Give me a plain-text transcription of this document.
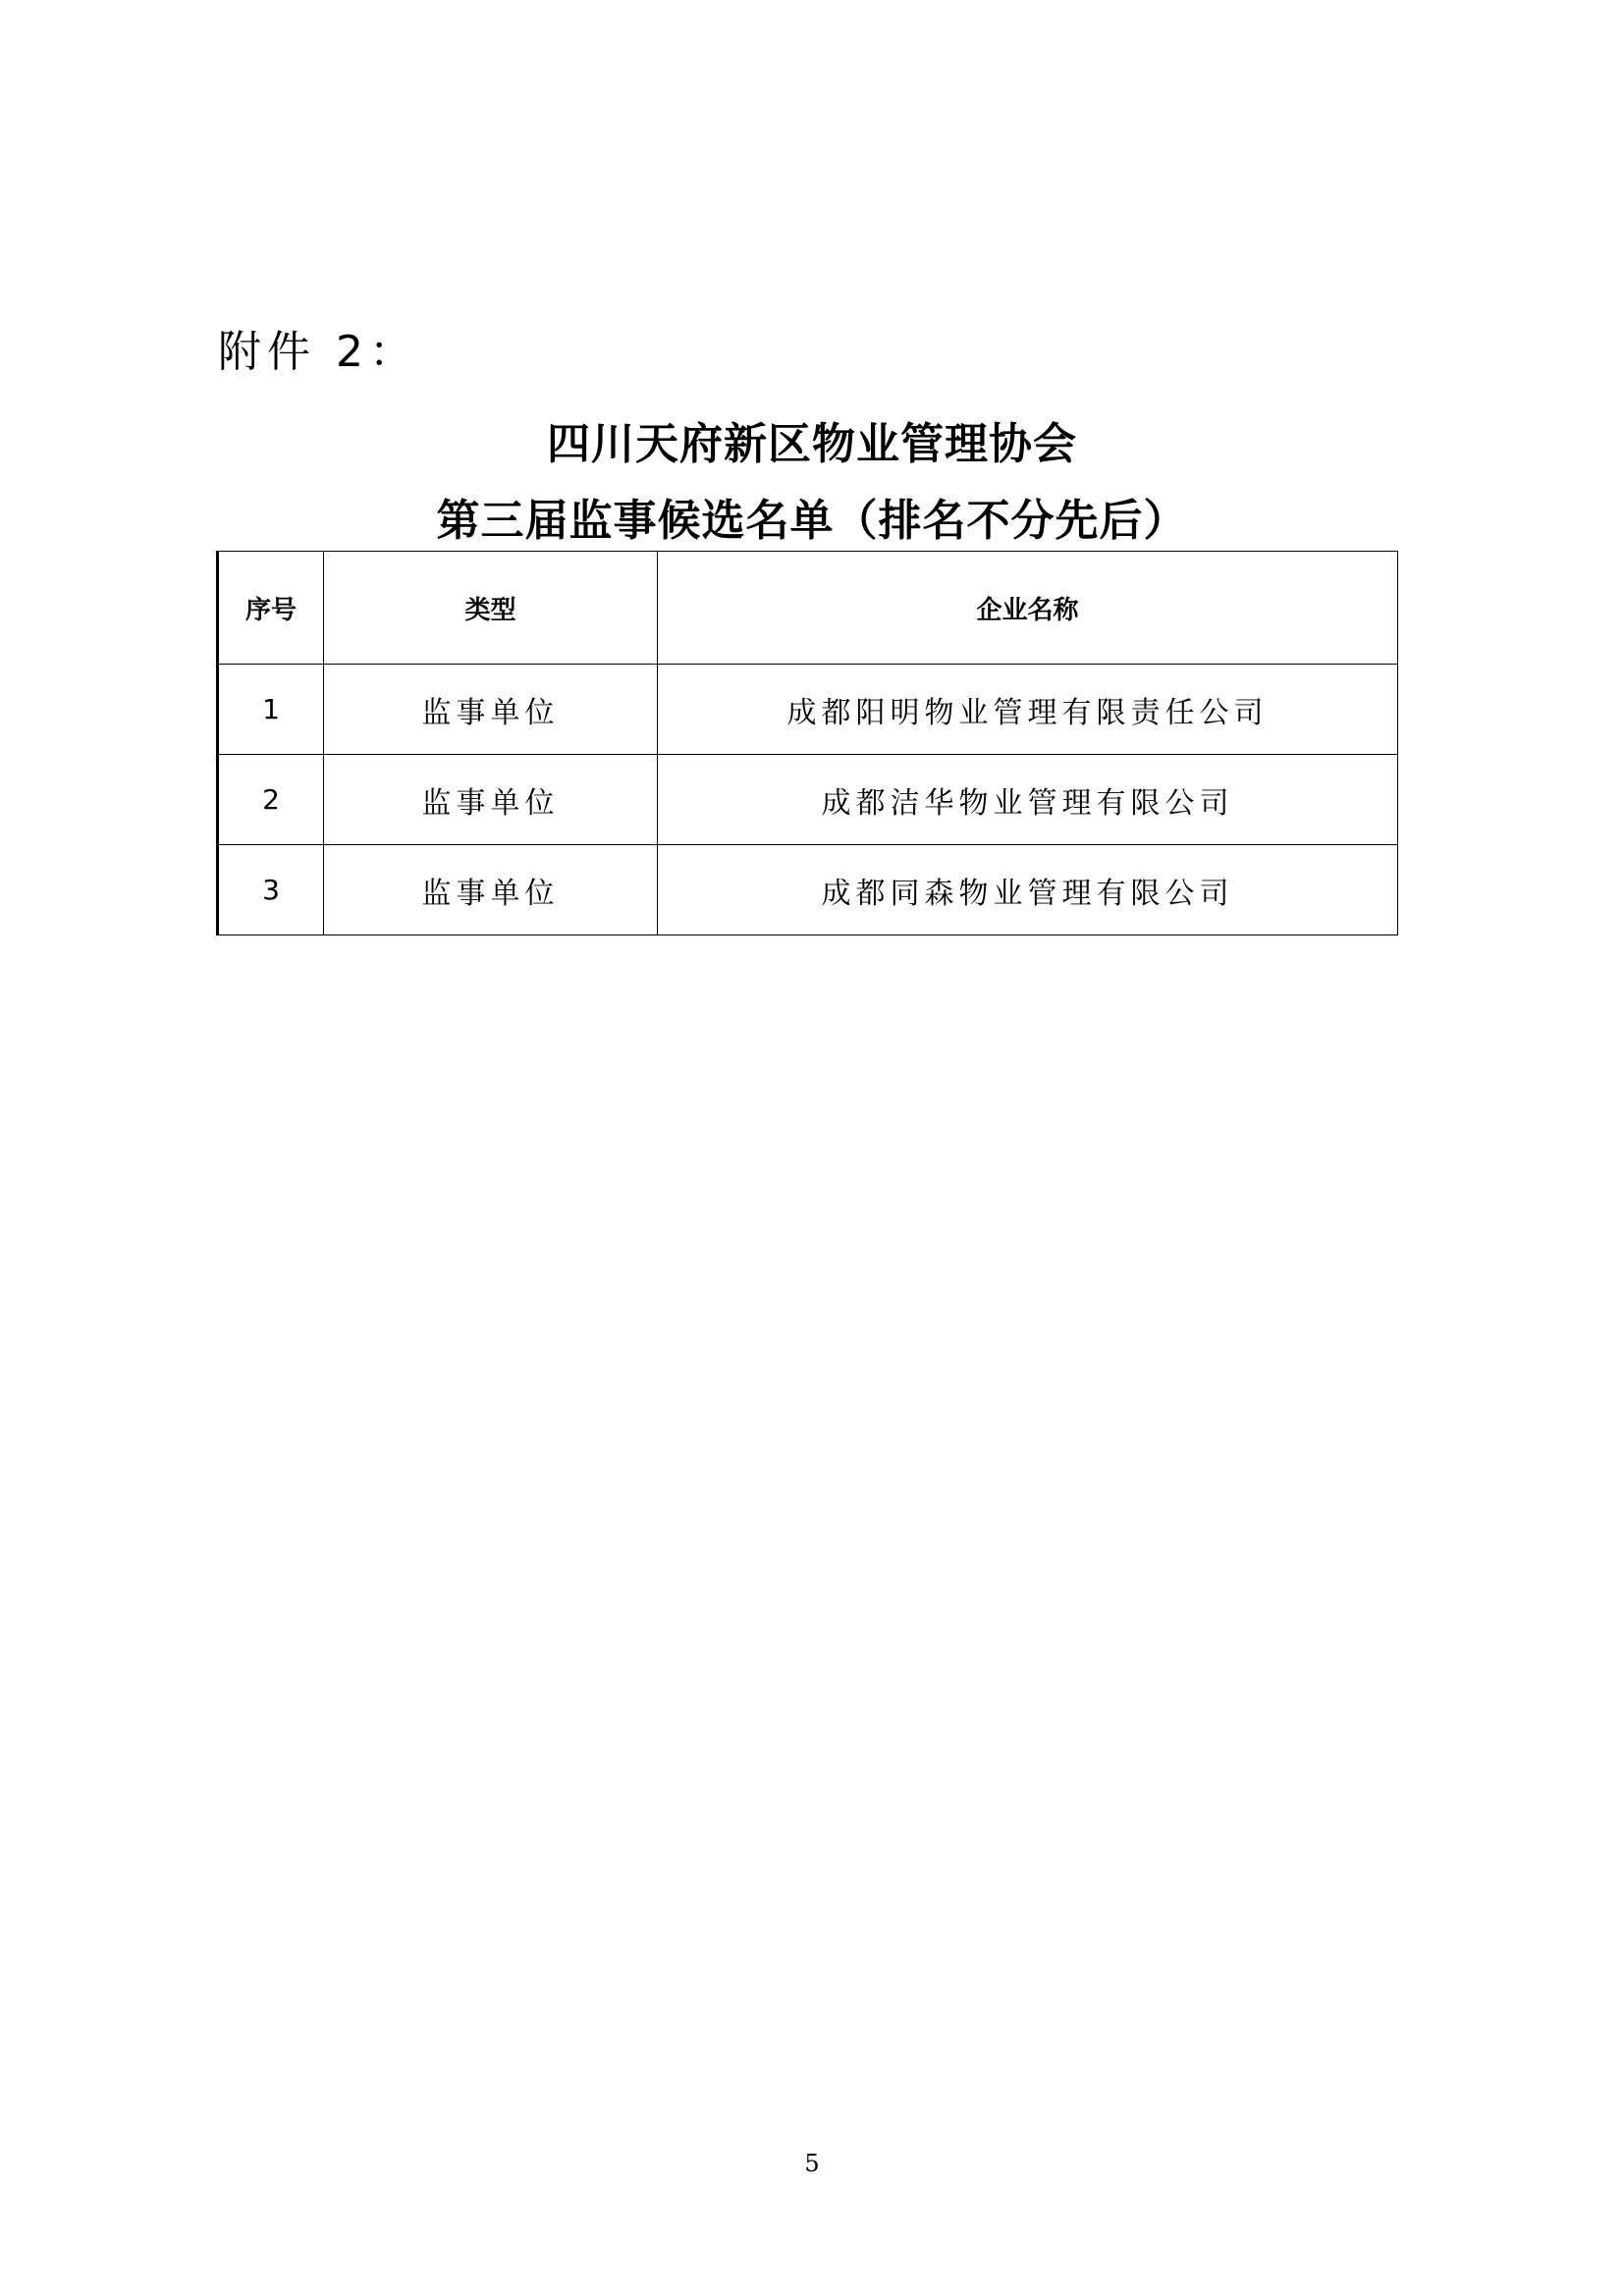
附件 2：
四川天府新区物业管理协会
第三届监事候选名单（排名不分先后）
序号	类型	企业名称
1	监事单位	成都阳明物业管理有限责任公司
2	监事单位	成都洁华物业管理有限公司
3	监事单位	成都同森物业管理有限公司
5
